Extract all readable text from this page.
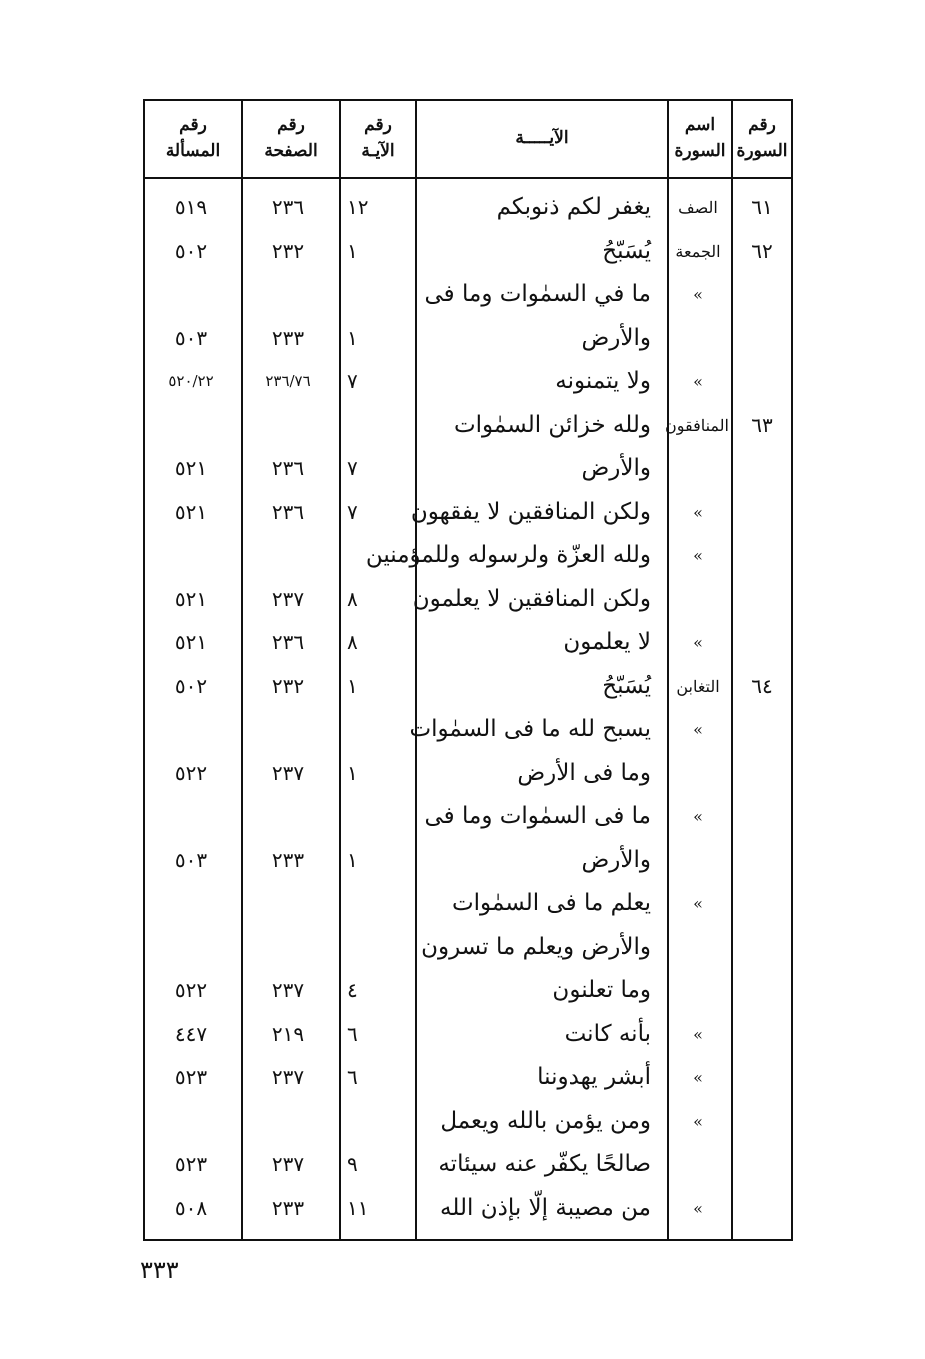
رقم
السورة
اسم
السورة
الآيـــــة
رقم
الآيـة
رقم
الصفحة
رقم
المسألة
٦١
الصف
يغفر لكم ذنوبكم
١٢
٢٣٦
٥١٩
٦٢
الجمعة
يُسَبّحُ
١
٢٣٢
٥٠٢
»
ما في السمٰوات وما فى
والأرض
١
٢٣٣
٥٠٣
»
ولا يتمنونه
٧
٢٣٦/٧٦
٥٢٠/٢٢
٦٣
المنافقون
ولله خزائن السمٰوات
والأرض
٧
٢٣٦
٥٢١
»
ولكن المنافقين لا يفقهون
٧
٢٣٦
٥٢١
»
ولله العزّة ولرسوله وللمؤمنين
ولكن المنافقين لا يعلمون
٨
٢٣٧
٥٢١
»
لا يعلمون
٨
٢٣٦
٥٢١
٦٤
التغابن
يُسَبّحُ
١
٢٣٢
٥٠٢
»
يسبح لله ما فى السمٰوات
وما فى الأرض
١
٢٣٧
٥٢٢
»
ما فى السمٰوات وما فى
والأرض
١
٢٣٣
٥٠٣
»
يعلم ما فى السمٰوات
والأرض ويعلم ما تسرون
وما تعلنون
٤
٢٣٧
٥٢٢
»
بأنه كانت
٦
٢١٩
٤٤٧
»
أبشر يهدوننا
٦
٢٣٧
٥٢٣
»
ومن يؤمن بالله ويعمل
صالحًا يكفّر عنه سيئاته
٩
٢٣٧
٥٢٣
»
من مصيبة إلّا بإذن الله
١١
٢٣٣
٥٠٨
٣٣٣
